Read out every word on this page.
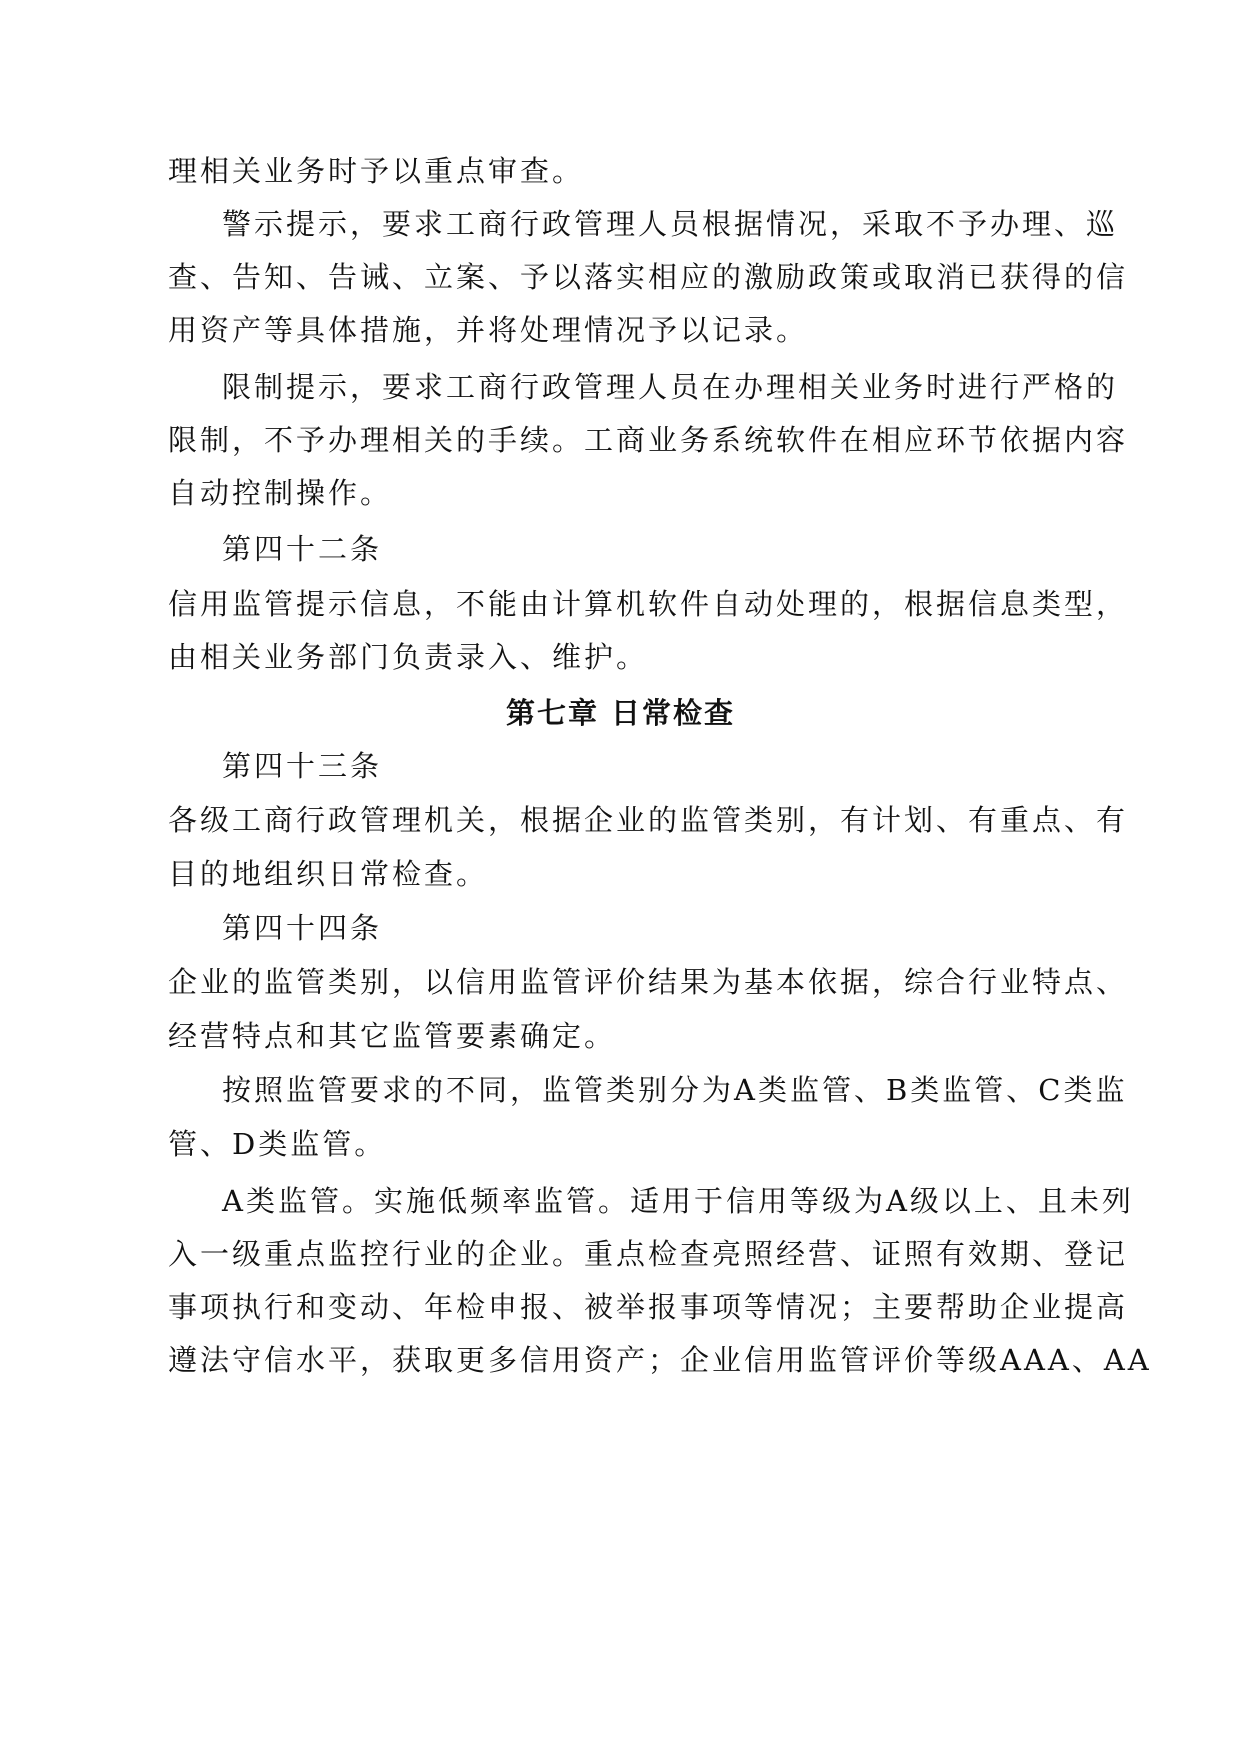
理相关业务时予以重点审查。
警示提示，要求工商行政管理人员根据情况，采取不予办理、巡
查、告知、告诫、立案、予以落实相应的激励政策或取消已获得的信
用资产等具体措施，并将处理情况予以记录。
限制提示，要求工商行政管理人员在办理相关业务时进行严格的
限制，不予办理相关的手续。工商业务系统软件在相应环节依据内容
自动控制操作。
第四十二条
信用监管提示信息，不能由计算机软件自动处理的，根据信息类型，
由相关业务部门负责录入、维护。
第七章 日常检查
第四十三条
各级工商行政管理机关，根据企业的监管类别，有计划、有重点、有
目的地组织日常检查。
第四十四条
企业的监管类别，以信用监管评价结果为基本依据，综合行业特点、
经营特点和其它监管要素确定。
按照监管要求的不同，监管类别分为A类监管、B类监管、C类监
管、D类监管。
A类监管。实施低频率监管。适用于信用等级为A级以上、且未列
入一级重点监控行业的企业。重点检查亮照经营、证照有效期、登记
事项执行和变动、年检申报、被举报事项等情况；主要帮助企业提高
遵法守信水平，获取更多信用资产；企业信用监管评价等级AAA、AA
